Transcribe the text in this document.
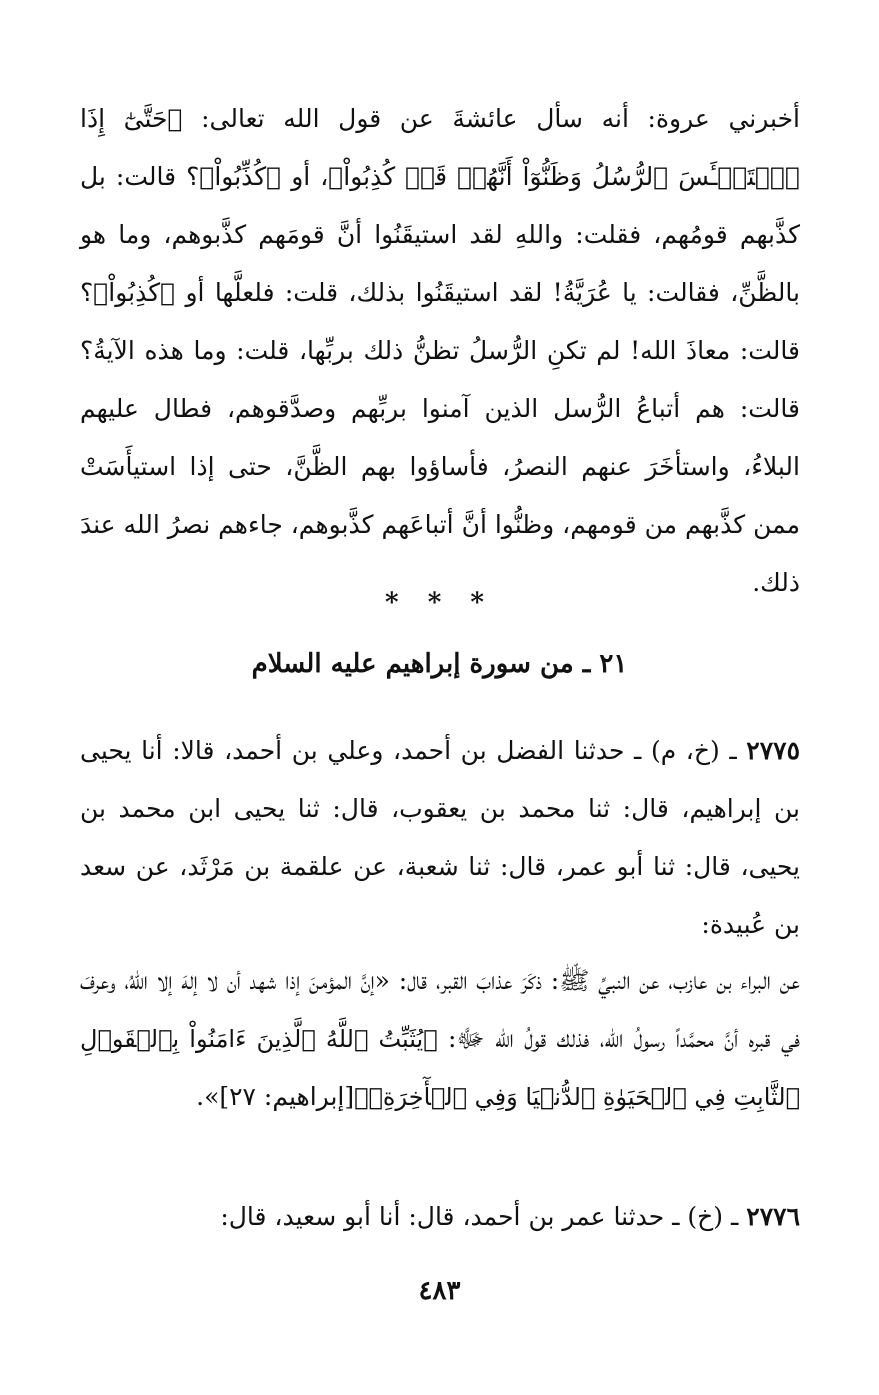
أخبرني عروة: أنه سأل عائشةَ عن قول الله تعالى: ﴿حَتَّىٰٓ إِذَا ٱسۡتَيۡـَٔسَ ٱلرُّسُلُ وَظَنُّوٓاْ أَنَّهُمۡ قَدۡ كُذِبُواْ﴾، أو ﴿كُذِّبُواْ﴾؟ قالت: بل كذَّبهم قومُهم، فقلت: واللهِ لقد استيقَنُوا أنَّ قومَهم كذَّبوهم، وما هو بالظَّنِّ، فقالت: يا عُرَيَّةُ! لقد استيقَنُوا بذلك، قلت: فلعلَّها أو ﴿كُذِبُواْ﴾؟ قالت: معاذَ الله! لم تكنِ الرُّسلُ تظنُّ ذلك بربِّها، قلت: وما هذه الآيةُ؟ قالت: هم أتباعُ الرُّسل الذين آمنوا بربِّهم وصدَّقوهم، فطال عليهم البلاءُ، واستأخَرَ عنهم النصرُ، فأساؤوا بهم الظَّنَّ، حتى إذا استيأَسَتْ ممن كذَّبهم من قومهم، وظنُّوا أنَّ أتباعَهم كذَّبوهم، جاءهم نصرُ الله عندَ ذلك.

* * *
٢١ ـ من سورة إبراهيم عليه السلام

٢٧٧٥ ـ (خ، م) ـ حدثنا الفضل بن أحمد، وعلي بن أحمد، قالا: أنا يحيى بن إبراهيم، قال: ثنا محمد بن يعقوب، قال: ثنا يحيى ابن محمد بن يحيى، قال: ثنا أبو عمر، قال: ثنا شعبة، عن علقمة بن مَرْثَد، عن سعد بن عُبيدة:

عن البراء بن عازب، عن النبيِّ ﷺ: ذكَرَ عذابَ القبر، قال: «إنَّ المؤمنَ إذا شهد أن لا إلهَ إلا اللهُ، وعرفَ في قبره أنَّ محمَّداً رسولُ الله، فذلك قولُ الله ﷻ: ﴿يُثَبِّتُ ٱللَّهُ ٱلَّذِينَ ءَامَنُواْ بِٱلۡقَوۡلِ ٱلثَّابِتِ فِي ٱلۡحَيَوٰةِ ٱلدُّنۡيَا وَفِي ٱلۡأٓخِرَةِۖ﴾[إبراهيم: ٢٧]».

٢٧٧٦ ـ (خ) ـ حدثنا عمر بن أحمد، قال: أنا أبو سعيد، قال:

٤٨٣
